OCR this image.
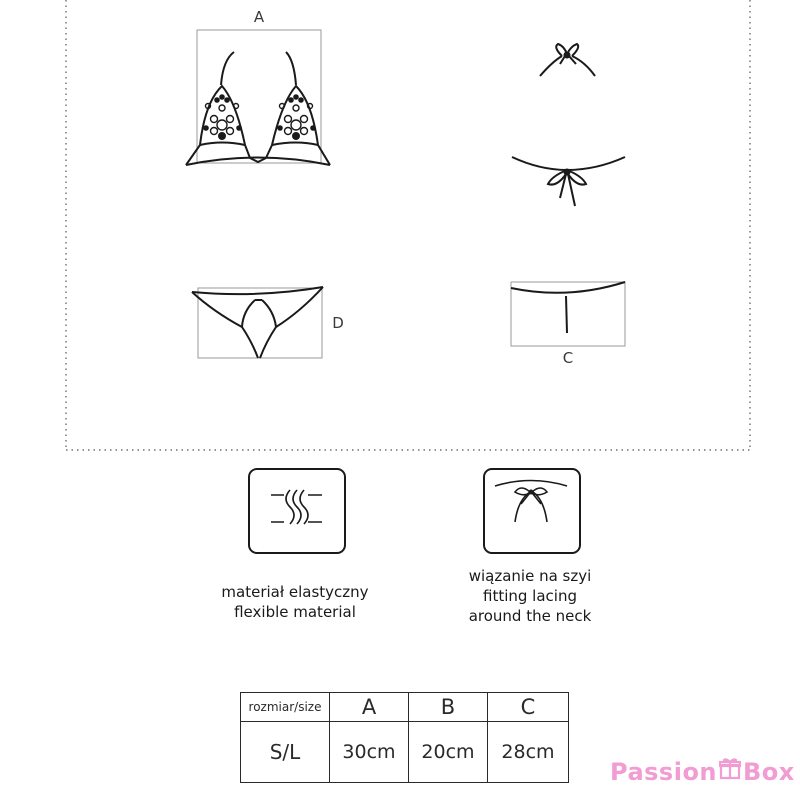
A
D
C
materiał elastyczny
flexible material
wiązanie na szyi
fitting lacing
around the neck
rozmiar/size	A	B	C
S/L	30cm	20cm	28cm
Passion Box
